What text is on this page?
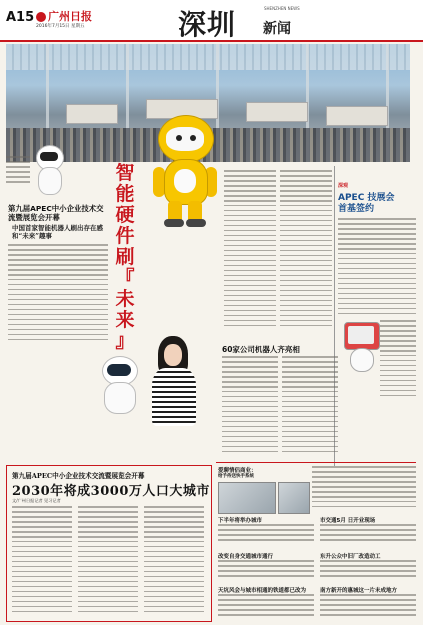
A15	广州日报
2016年7月15日 星期五	深圳	SHENZHEN NEWS
新闻
第九届APEC中小企业技术交流暨展览会开幕
中国首家智能机器人刷出存在感和“未来”趣事
智
能
硬
件
刷
『
未
来
』
深观
APEC 技展会
首基签约
60家公司机器人齐亮相
第九届APEC中小企业技术交流暨展览会开幕
2030年将成3000万人口大城市
文/广州日报记者 见习记者
爱聊情侣商业：
给予侍送快手系统
下半年将举办城市	市交通5月 日开业现场
改变自身交通城市通行	东升公众中旧厂改造动工
天坑风会与城市相通的铁道都已改为	南方新开的惠城这一片未成地方
